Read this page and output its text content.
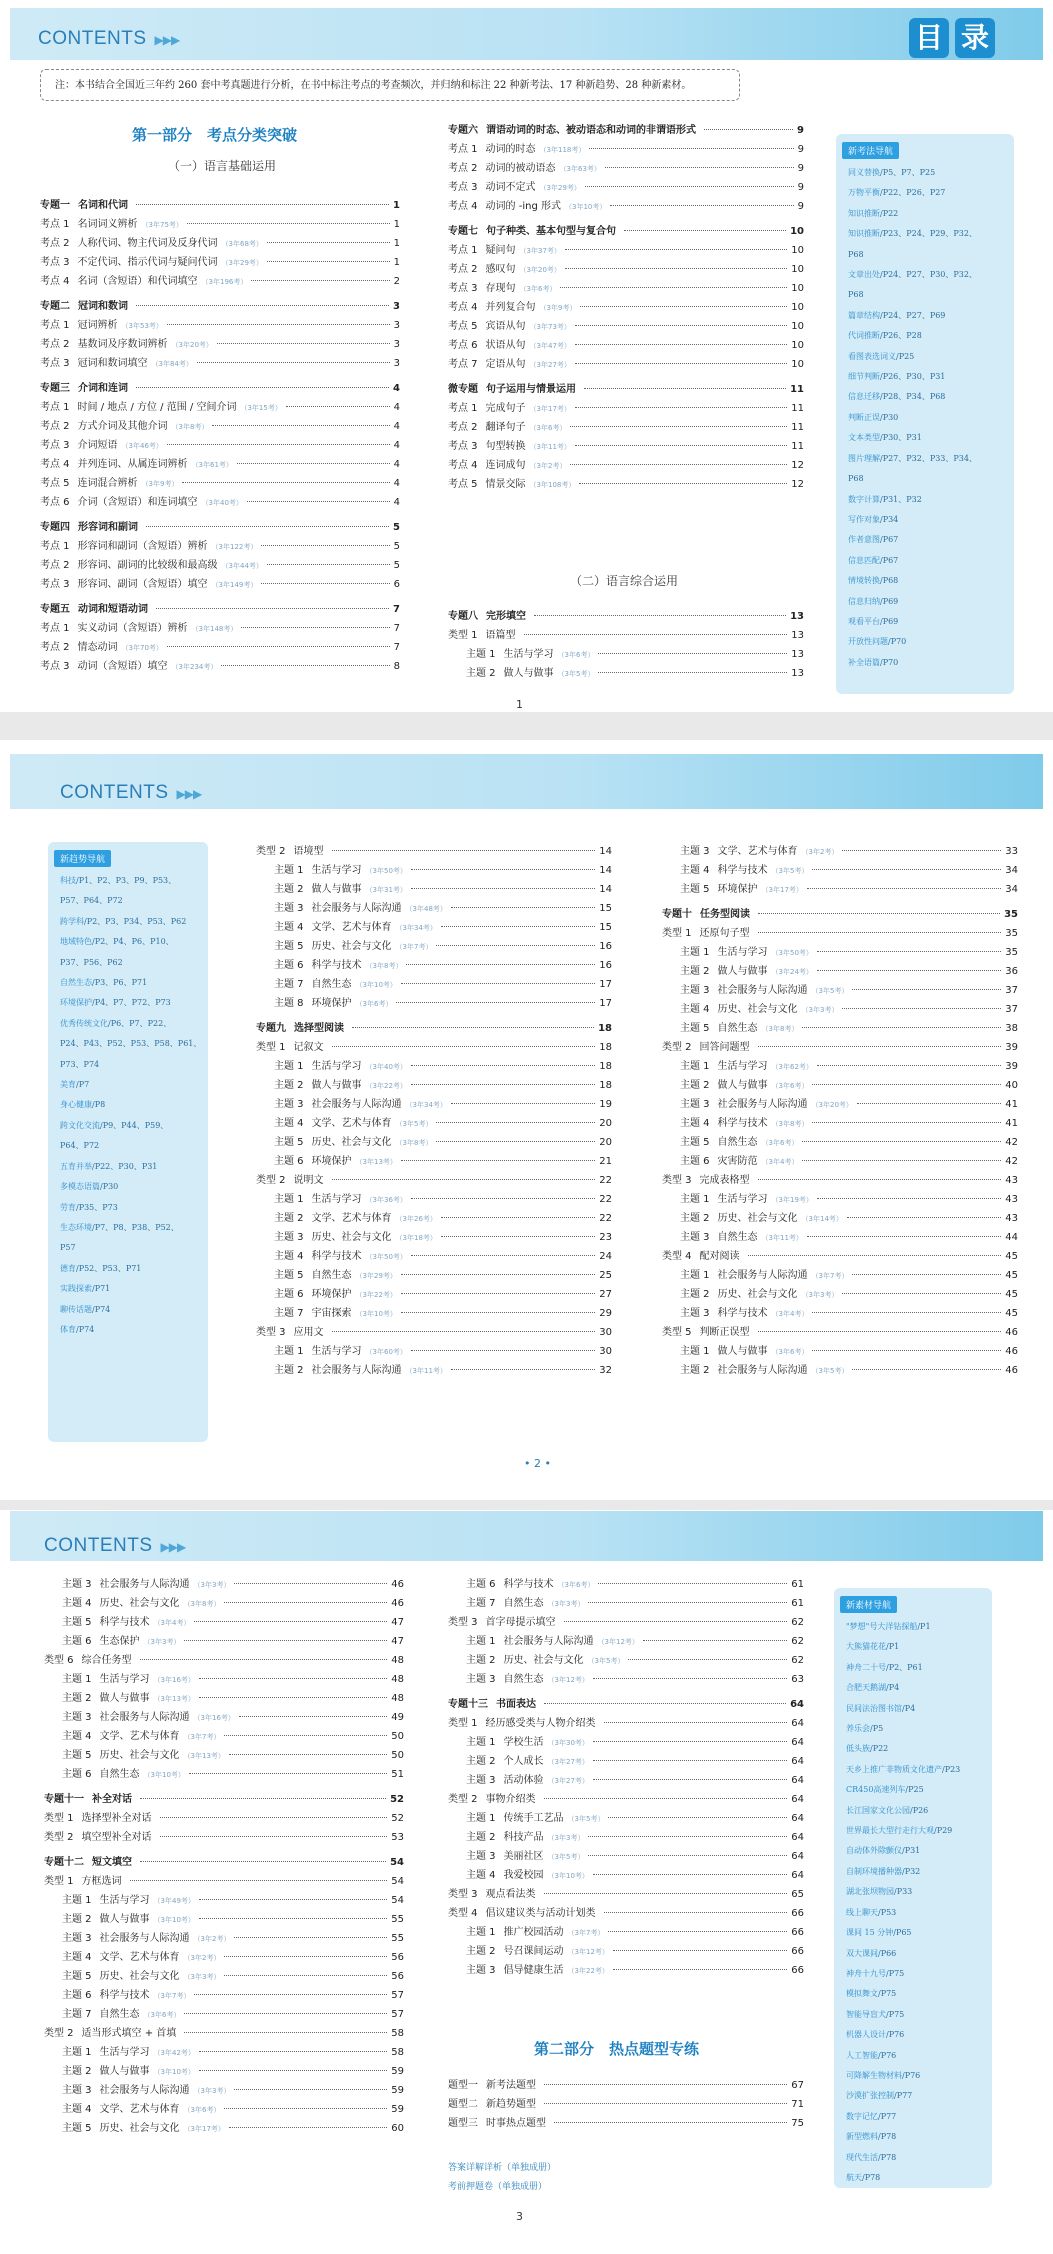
CONTENTS ▶▶▶	目 录
注：本书结合全国近三年约 260 套中考真题进行分析，在书中标注考点的考查频次，并归纳和标注 22 种新考法、17 种新趋势、28 种新素材。
第一部分　考点分类突破
（一）语言基础运用
专题一 名词和代词	1
考点 1 名词词义辨析 （3年75考）	1
考点 2 人称代词、物主代词及反身代词 （3年68考）	1
考点 3 不定代词、指示代词与疑问代词 （3年29考）	1
考点 4 名词（含短语）和代词填空 （3年196考）	2
专题二 冠词和数词	3
考点 1 冠词辨析 （3年53考）	3
考点 2 基数词及序数词辨析 （3年20考）	3
考点 3 冠词和数词填空 （3年84考）	3
专题三 介词和连词	4
考点 1 时间 / 地点 / 方位 / 范围 / 空间介词 （3年15考）	4
考点 2 方式介词及其他介词 （3年8考）	4
考点 3 介词短语 （3年46考）	4
考点 4 并列连词、从属连词辨析 （3年61考）	4
考点 5 连词混合辨析 （3年9考）	4
考点 6 介词（含短语）和连词填空 （3年40考）	4
专题四 形容词和副词	5
考点 1 形容词和副词（含短语）辨析 （3年122考）	5
考点 2 形容词、副词的比较级和最高级 （3年44考）	5
考点 3 形容词、副词（含短语）填空 （3年149考）	6
专题五 动词和短语动词	7
考点 1 实义动词（含短语）辨析 （3年148考）	7
考点 2 情态动词 （3年70考）	7
考点 3 动词（含短语）填空 （3年234考）	8
专题六 谓语动词的时态、被动语态和动词的非谓语形式	9
考点 1 动词的时态 （3年118考）	9
考点 2 动词的被动语态 （3年63考）	9
考点 3 动词不定式 （3年29考）	9
考点 4 动词的 -ing 形式 （3年10考）	9
专题七 句子种类、基本句型与复合句	10
考点 1 疑问句 （3年37考）	10
考点 2 感叹句 （3年20考）	10
考点 3 存现句 （3年6考）	10
考点 4 并列复合句 （3年9考）	10
考点 5 宾语从句 （3年73考）	10
考点 6 状语从句 （3年47考）	10
考点 7 定语从句 （3年27考）	10
微专题 句子运用与情景运用	11
考点 1 完成句子 （3年17考）	11
考点 2 翻译句子 （3年6考）	11
考点 3 句型转换 （3年11考）	11
考点 4 连词成句 （3年2考）	12
考点 5 情景交际 （3年108考）	12
（二）语言综合运用
专题八 完形填空	13
类型 1 语篇型	13
主题 1 生活与学习 （3年6考）	13
主题 2 做人与做事 （3年5考）	13
新考法导航
同义替换/P5、P7、P25
万物平衡/P22、P26、P27
知识推断/P22
知识推断/P23、P24、P29、P32、
P68
文章出处/P24、P27、P30、P32、
P68
篇章结构/P24、P27、P69
代词推断/P26、P28
看图表选词义/P25
细节判断/P26、P30、P31
信息迁移/P28、P34、P68
判断正误/P30
文本类型/P30、P31
图片理解/P27、P32、P33、P34、
P68
数字计算/P31、P32
写作对象/P34
作者意图/P67
信息匹配/P67
情境转换/P68
信息归纳/P69
观看平台/P69
开放性问题/P70
补全语篇/P70
1
CONTENTS ▶▶▶
新趋势导航
科技/P1、P2、P3、P9、P53、
P57、P64、P72
跨学科/P2、P3、P34、P53、P62
地域特色/P2、P4、P6、P10、
P37、P56、P62
自然生态/P3、P6、P71
环境保护/P4、P7、P72、P73
优秀传统文化/P6、P7、P22、
P24、P43、P52、P53、P58、P61、
P73、P74
美育/P7
身心健康/P8
跨文化交流/P9、P44、P59、
P64、P72
五育并举/P22、P30、P31
多模态语篇/P30
劳育/P35、P73
生态环境/P7、P8、P38、P52、
P57
德育/P52、P53、P71
实践探索/P71
聊传话题/P74
体育/P74
类型 2 语境型	14
主题 1 生活与学习 （3年50考）	14
主题 2 做人与做事 （3年31考）	14
主题 3 社会服务与人际沟通 （3年48考）	15
主题 4 文学、艺术与体育 （3年34考）	15
主题 5 历史、社会与文化 （3年7考）	16
主题 6 科学与技术 （3年8考）	16
主题 7 自然生态 （3年10考）	17
主题 8 环境保护 （3年6考）	17
专题九 选择型阅读	18
类型 1 记叙文	18
主题 1 生活与学习 （3年40考）	18
主题 2 做人与做事 （3年22考）	18
主题 3 社会服务与人际沟通 （3年34考）	19
主题 4 文学、艺术与体育 （3年5考）	20
主题 5 历史、社会与文化 （3年8考）	20
主题 6 环境保护 （3年13考）	21
类型 2 说明文	22
主题 1 生活与学习 （3年36考）	22
主题 2 文学、艺术与体育 （3年26考）	22
主题 3 历史、社会与文化 （3年18考）	23
主题 4 科学与技术 （3年50考）	24
主题 5 自然生态 （3年29考）	25
主题 6 环境保护 （3年22考）	27
主题 7 宇宙探索 （3年10考）	29
类型 3 应用文	30
主题 1 生活与学习 （3年60考）	30
主题 2 社会服务与人际沟通 （3年11考）	32
主题 3 文学、艺术与体育 （3年2考）	33
主题 4 科学与技术 （3年5考）	34
主题 5 环境保护 （3年17考）	34
专题十 任务型阅读	35
类型 1 还原句子型	35
主题 1 生活与学习 （3年50考）	35
主题 2 做人与做事 （3年24考）	36
主题 3 社会服务与人际沟通 （3年5考）	37
主题 4 历史、社会与文化 （3年3考）	37
主题 5 自然生态 （3年8考）	38
类型 2 回答问题型	39
主题 1 生活与学习 （3年62考）	39
主题 2 做人与做事 （3年6考）	40
主题 3 社会服务与人际沟通 （3年20考）	41
主题 4 科学与技术 （3年8考）	41
主题 5 自然生态 （3年6考）	42
主题 6 灾害防范 （3年4考）	42
类型 3 完成表格型	43
主题 1 生活与学习 （3年19考）	43
主题 2 历史、社会与文化 （3年14考）	43
主题 3 自然生态 （3年11考）	44
类型 4 配对阅读	45
主题 1 社会服务与人际沟通 （3年7考）	45
主题 2 历史、社会与文化 （3年3考）	45
主题 3 科学与技术 （3年4考）	45
类型 5 判断正误型	46
主题 1 做人与做事 （3年6考）	46
主题 2 社会服务与人际沟通 （3年5考）	46
• 2 •
CONTENTS ▶▶▶
主题 3 社会服务与人际沟通 （3年3考）	46
主题 4 历史、社会与文化 （3年8考）	46
主题 5 科学与技术 （3年4考）	47
主题 6 生态保护 （3年3考）	47
类型 6 综合任务型	48
主题 1 生活与学习 （3年16考）	48
主题 2 做人与做事 （3年13考）	48
主题 3 社会服务与人际沟通 （3年16考）	49
主题 4 文学、艺术与体育 （3年7考）	50
主题 5 历史、社会与文化 （3年13考）	50
主题 6 自然生态 （3年10考）	51
专题十一 补全对话	52
类型 1 选择型补全对话	52
类型 2 填空型补全对话	53
专题十二 短文填空	54
类型 1 方框选词	54
主题 1 生活与学习 （3年49考）	54
主题 2 做人与做事 （3年10考）	55
主题 3 社会服务与人际沟通 （3年2考）	55
主题 4 文学、艺术与体育 （3年2考）	56
主题 5 历史、社会与文化 （3年3考）	56
主题 6 科学与技术 （3年7考）	57
主题 7 自然生态 （3年6考）	57
类型 2 适当形式填空 + 首填	58
主题 1 生活与学习 （3年42考）	58
主题 2 做人与做事 （3年10考）	59
主题 3 社会服务与人际沟通 （3年3考）	59
主题 4 文学、艺术与体育 （3年6考）	59
主题 5 历史、社会与文化 （3年17考）	60
主题 6 科学与技术 （3年6考）	61
主题 7 自然生态 （3年3考）	61
类型 3 首字母提示填空	62
主题 1 社会服务与人际沟通 （3年12考）	62
主题 2 历史、社会与文化 （3年5考）	62
主题 3 自然生态 （3年12考）	63
专题十三 书面表达	64
类型 1 经历感受类与人物介绍类	64
主题 1 学校生活 （3年30考）	64
主题 2 个人成长 （3年27考）	64
主题 3 活动体验 （3年27考）	64
类型 2 事物介绍类	64
主题 1 传统手工艺品 （3年5考）	64
主题 2 科技产品 （3年3考）	64
主题 3 美丽社区 （3年5考）	64
主题 4 我爱校园 （3年10考）	64
类型 3 观点看法类	65
类型 4 倡议建议类与活动计划类	66
主题 1 推广校园活动 （3年7考）	66
主题 2 号召课间运动 （3年12考）	66
主题 3 倡导健康生活 （3年22考）	66
第二部分　热点题型专练
题型一 新考法题型	67
题型二 新趋势题型	71
题型三 时事热点题型	75
答案详解详析（单独成册）
考前押题卷（单独成册）
新素材导航
"梦想"号大洋钻探船/P1
大熊猫花花/P1
神舟二十号/P2、P61
合肥天鹅湖/P4
民间法治图书馆/P4
养乐会/P5
低头族/P22
天乡上推广非物质文化遗产/P23
CR450高速列车/P25
长江国家文化公园/P26
世界最长大型行走行大观/P29
自动体外除颤仪/P31
自制环境播种器/P32
湖北张坝物园/P33
线上聊天/P53
课间 15 分钟/P65
双大课间/P66
神舟十九号/P75
模拟舞文/P75
智能导盲犬/P75
机器人设计/P76
人工智能/P76
可降解生物材料/P76
沙漠扩张控制/P77
数字记忆/P77
新型燃料/P78
现代生活/P78
航天/P78
3
